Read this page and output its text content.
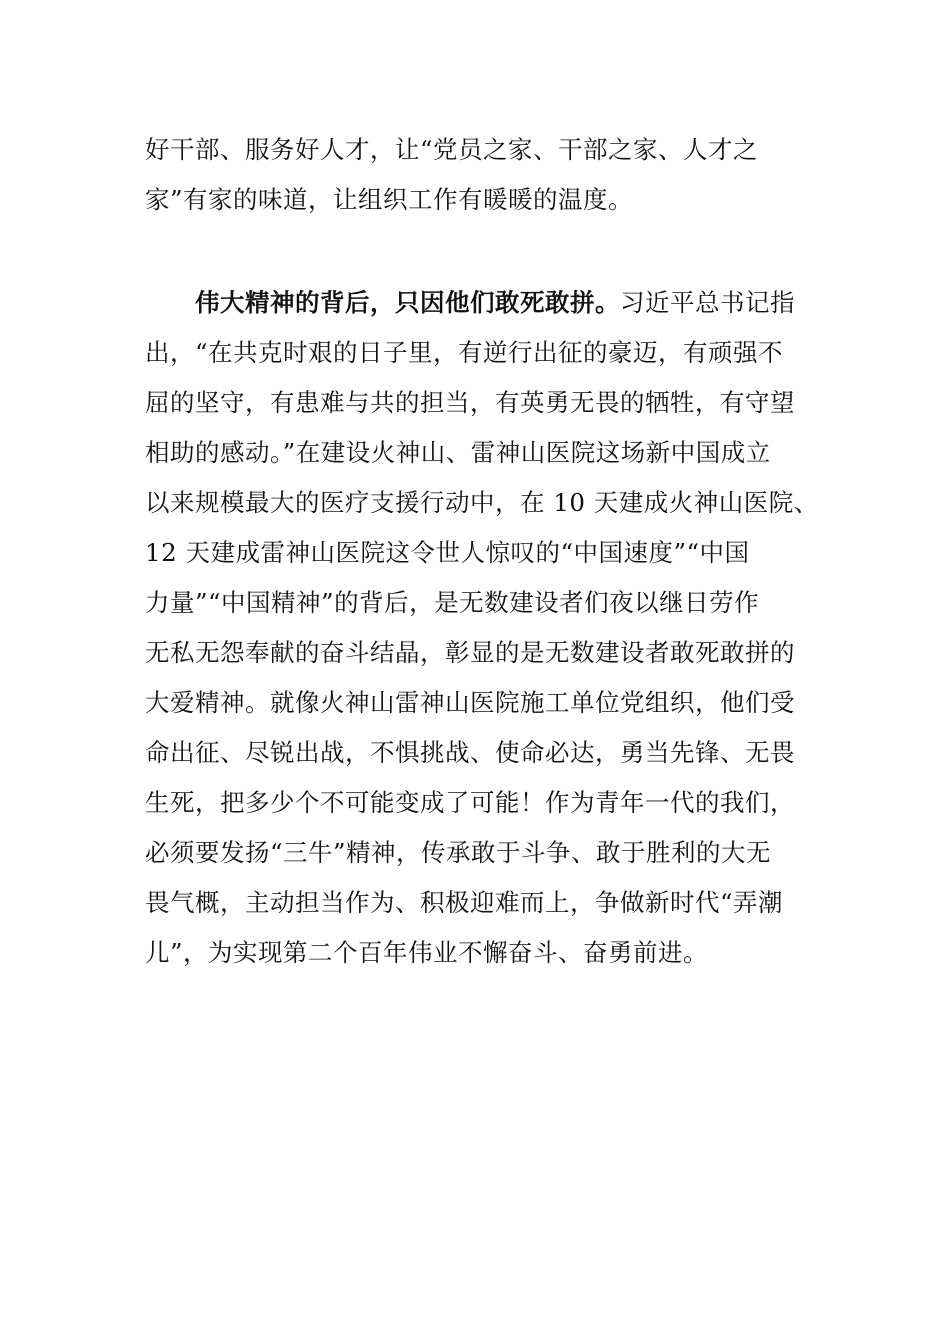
好干部、服务好人才，让“党员之家、干部之家、人才之
家”有家的味道，让组织工作有暖暖的温度。
伟大精神的背后，只因他们敢死敢拼。习近平总书记指
出，“在共克时艰的日子里，有逆行出征的豪迈，有顽强不
屈的坚守，有患难与共的担当，有英勇无畏的牺牲，有守望
相助的感动。”在建设火神山、雷神山医院这场新中国成立
以来规模最大的医疗支援行动中，在 10 天建成火神山医院、
12 天建成雷神山医院这令世人惊叹的“中国速度”“中国
力量”“中国精神”的背后，是无数建设者们夜以继日劳作
无私无怨奉献的奋斗结晶，彰显的是无数建设者敢死敢拼的
大爱精神。就像火神山雷神山医院施工单位党组织，他们受
命出征、尽锐出战，不惧挑战、使命必达，勇当先锋、无畏
生死，把多少个不可能变成了可能！作为青年一代的我们，
必须要发扬“三牛”精神，传承敢于斗争、敢于胜利的大无
畏气概，主动担当作为、积极迎难而上，争做新时代“弄潮
儿”，为实现第二个百年伟业不懈奋斗、奋勇前进。
